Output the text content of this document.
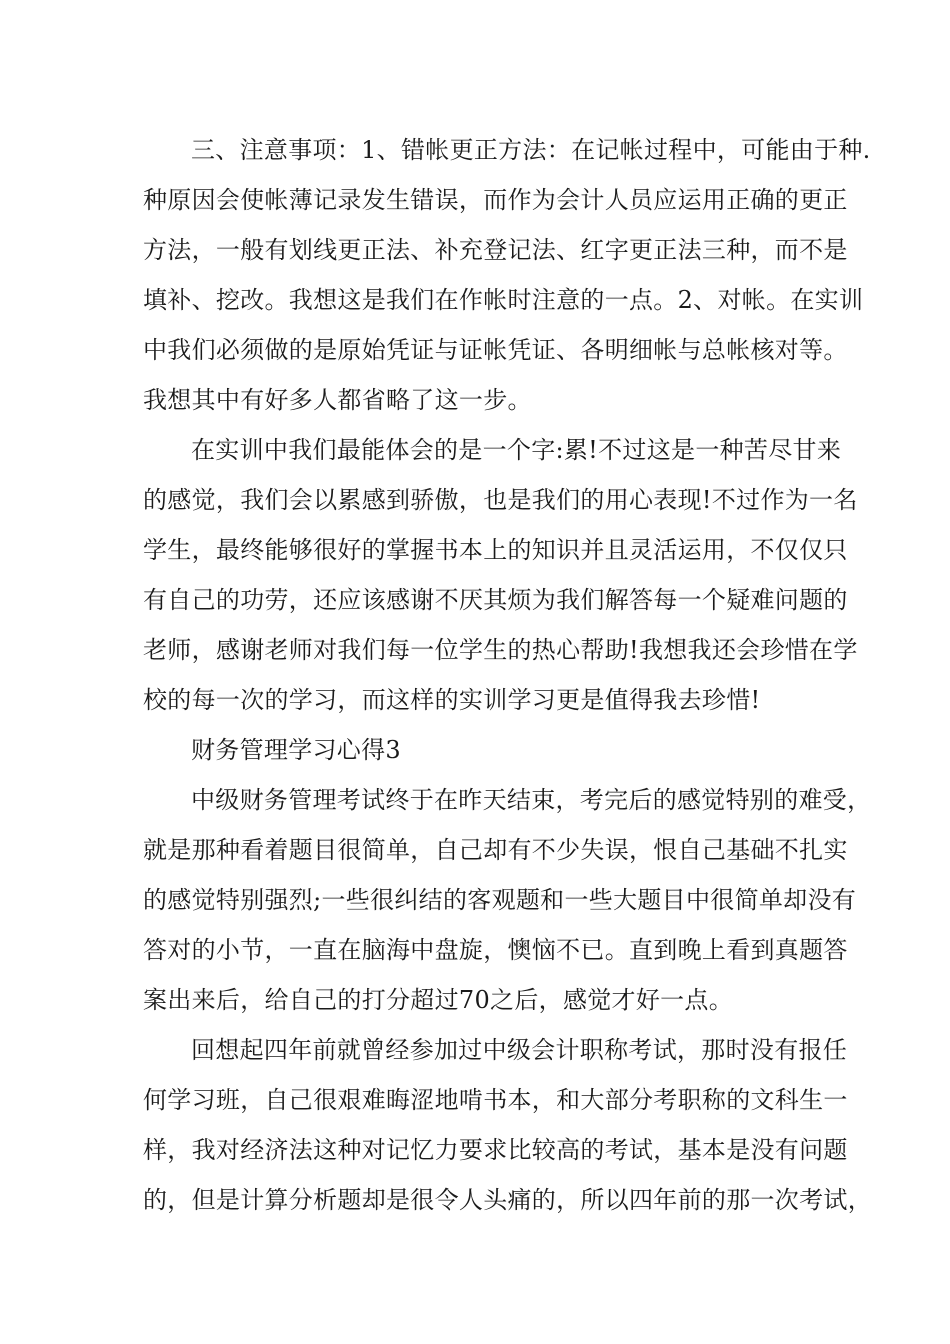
三、注意事项：1、错帐更正方法：在记帐过程中，可能由于种.
种原因会使帐薄记录发生错误，而作为会计人员应运用正确的更正
方法，一般有划线更正法、补充登记法、红字更正法三种，而不是
填补、挖改。我想这是我们在作帐时注意的一点。2、对帐。在实训
中我们必须做的是原始凭证与证帐凭证、各明细帐与总帐核对等。
我想其中有好多人都省略了这一步。
在实训中我们最能体会的是一个字:累!不过这是一种苦尽甘来
的感觉，我们会以累感到骄傲，也是我们的用心表现!不过作为一名
学生，最终能够很好的掌握书本上的知识并且灵活运用，不仅仅只
有自己的功劳，还应该感谢不厌其烦为我们解答每一个疑难问题的
老师，感谢老师对我们每一位学生的热心帮助!我想我还会珍惜在学
校的每一次的学习，而这样的实训学习更是值得我去珍惜!
财务管理学习心得3
中级财务管理考试终于在昨天结束，考完后的感觉特别的难受，
就是那种看着题目很简单，自己却有不少失误，恨自己基础不扎实
的感觉特别强烈;一些很纠结的客观题和一些大题目中很简单却没有
答对的小节，一直在脑海中盘旋，懊恼不已。直到晚上看到真题答
案出来后，给自己的打分超过70之后，感觉才好一点。
回想起四年前就曾经参加过中级会计职称考试，那时没有报任
何学习班，自己很艰难晦涩地啃书本，和大部分考职称的文科生一
样，我对经济法这种对记忆力要求比较高的考试，基本是没有问题
的，但是计算分析题却是很令人头痛的，所以四年前的那一次考试，
